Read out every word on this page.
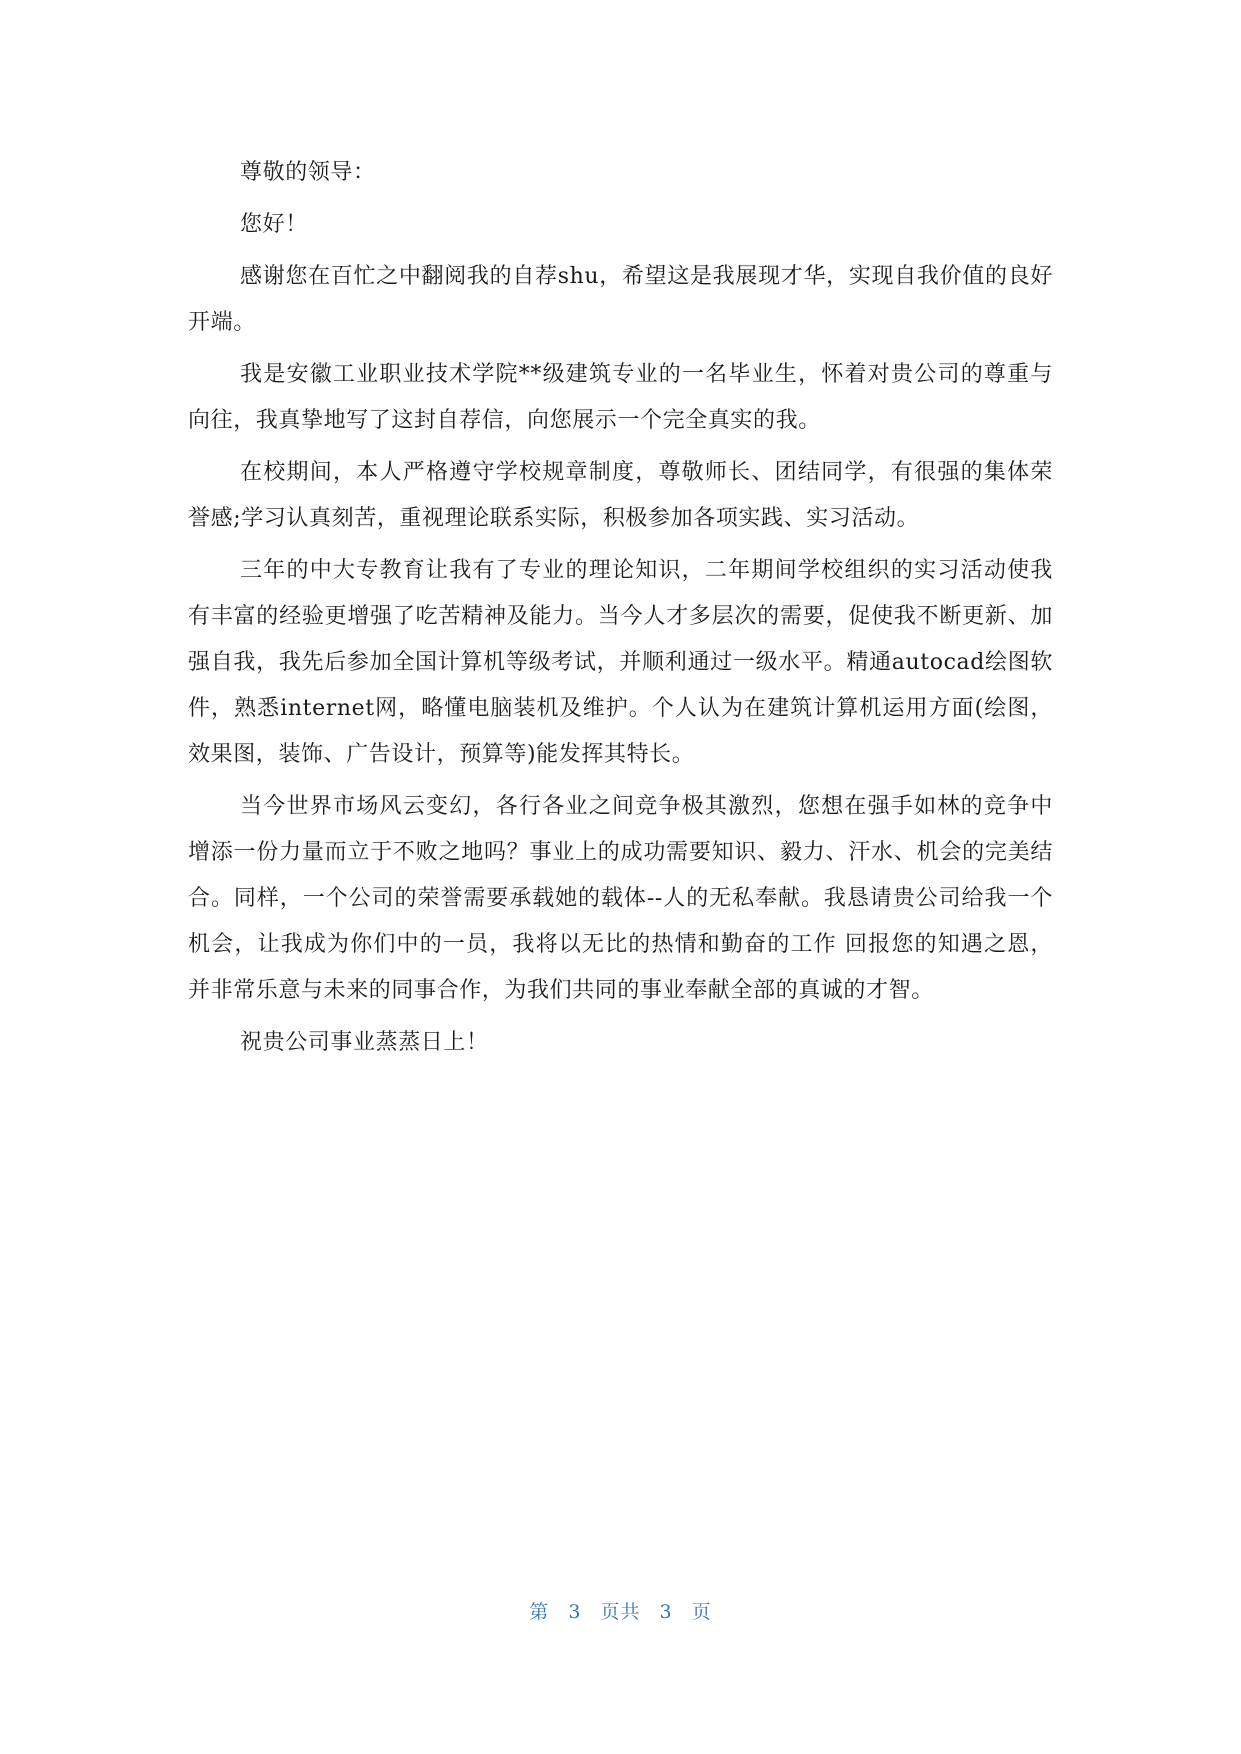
尊敬的领导：

您好！

感谢您在百忙之中翻阅我的自荐shu，希望这是我展现才华，实现自我价值的良好开端。

我是安徽工业职业技术学院**级建筑专业的一名毕业生，怀着对贵公司的尊重与向往，我真挚地写了这封自荐信，向您展示一个完全真实的我。

在校期间，本人严格遵守学校规章制度，尊敬师长、团结同学，有很强的集体荣誉感;学习认真刻苦，重视理论联系实际，积极参加各项实践、实习活动。

三年的中大专教育让我有了专业的理论知识，二年期间学校组织的实习活动使我有丰富的经验更增强了吃苦精神及能力。当今人才多层次的需要，促使我不断更新、加强自我，我先后参加全国计算机等级考试，并顺利通过一级水平。精通autocad绘图软件，熟悉internet网，略懂电脑装机及维护。个人认为在建筑计算机运用方面(绘图，效果图，装饰、广告设计，预算等)能发挥其特长。

当今世界市场风云变幻，各行各业之间竞争极其激烈，您想在强手如林的竞争中增添一份力量而立于不败之地吗？事业上的成功需要知识、毅力、汗水、机会的完美结合。同样，一个公司的荣誉需要承载她的载体--人的无私奉献。我恳请贵公司给我一个机会，让我成为你们中的一员，我将以无比的热情和勤奋的工作 回报您的知遇之恩，并非常乐意与未来的同事合作，为我们共同的事业奉献全部的真诚的才智。

祝贵公司事业蒸蒸日上！

第 3 页共 3 页
